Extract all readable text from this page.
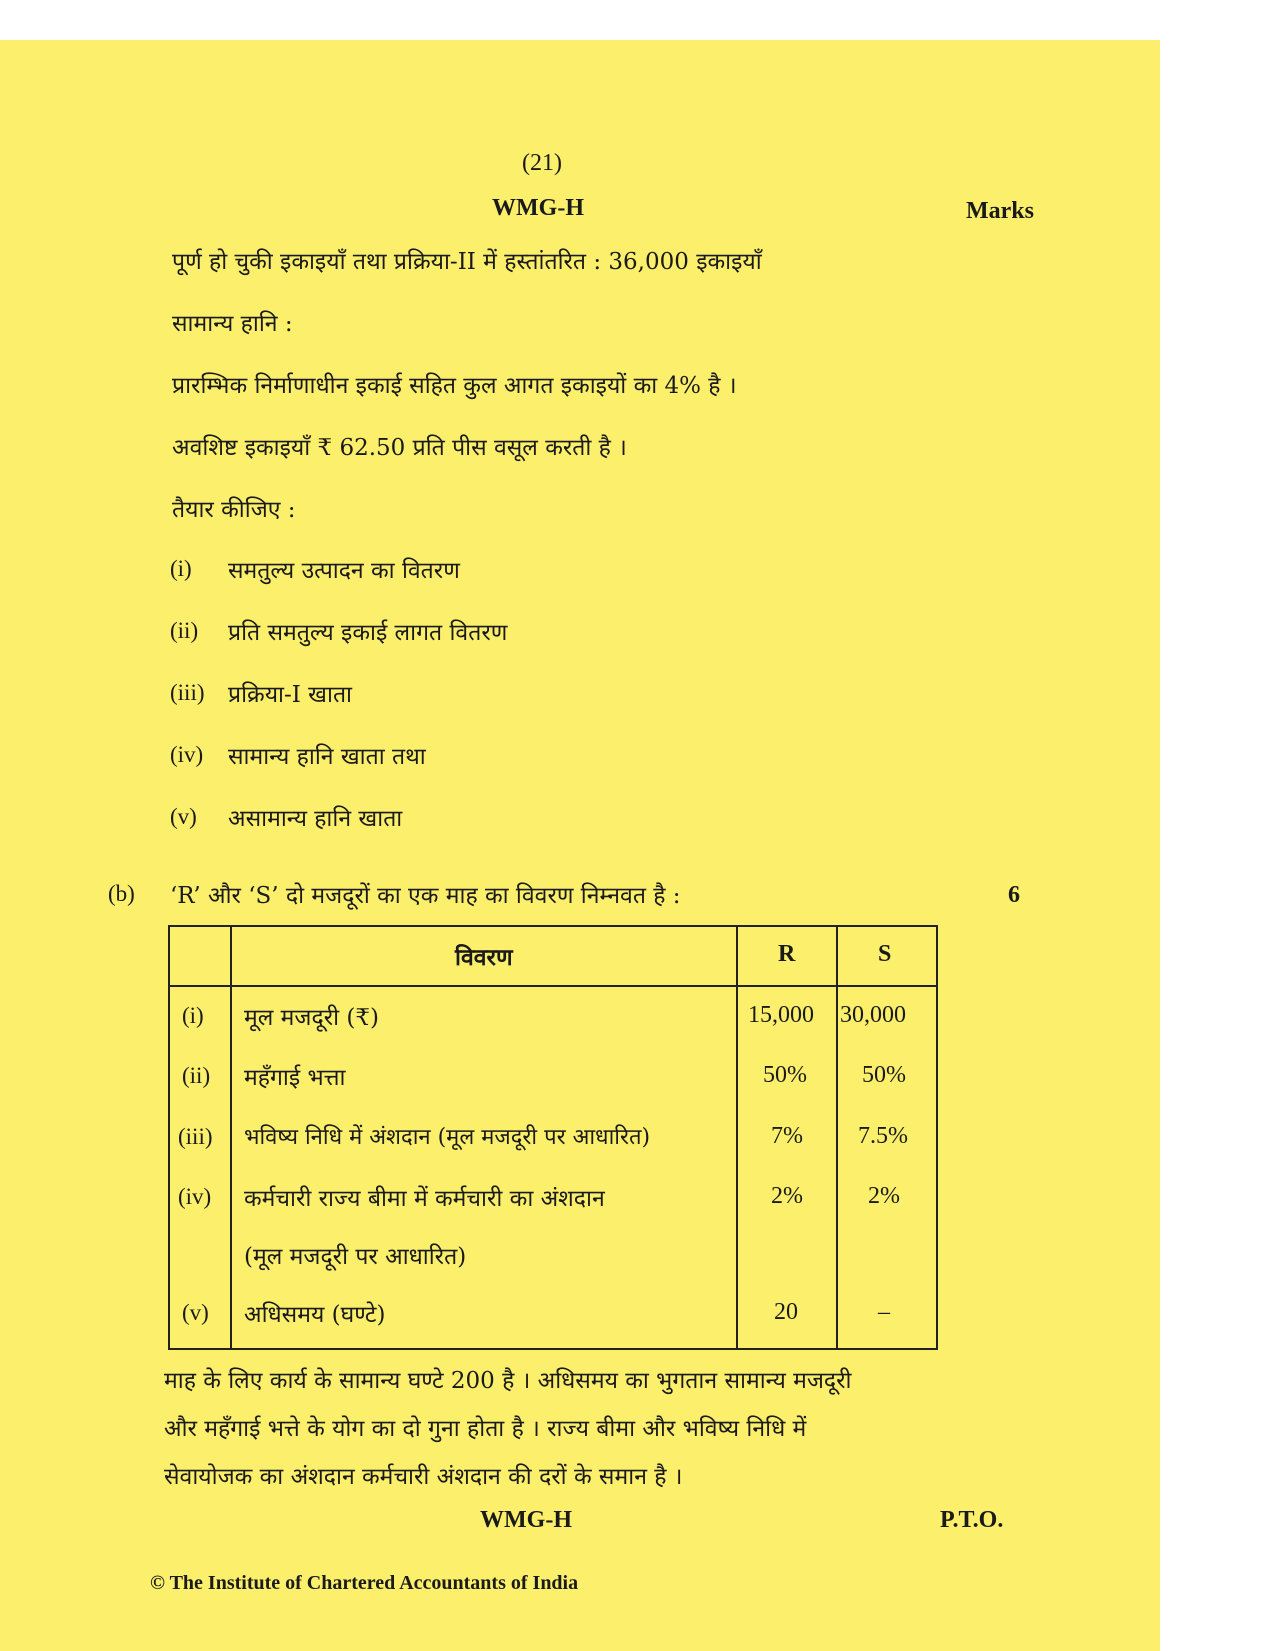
(21)
WMG-H	Marks
पूर्ण हो चुकी इकाइयाँ तथा प्रक्रिया-II में हस्तांतरित : 36,000 इकाइयाँ
सामान्य हानि :
प्रारम्भिक निर्माणाधीन इकाई सहित कुल आगत इकाइयों का 4% है ।
अवशिष्ट इकाइयाँ ₹ 62.50 प्रति पीस वसूल करती है ।
तैयार कीजिए :
(i) समतुल्य उत्पादन का वितरण
(ii) प्रति समतुल्य इकाई लागत वितरण
(iii) प्रक्रिया-I खाता
(iv) सामान्य हानि खाता तथा
(v) असामान्य हानि खाता
(b) ‘R’ और ‘S’ दो मजदूरों का एक माह का विवरण निम्नवत है :	6
विवरण	R	S
(i) मूल मजदूरी (₹)	15,000 30,000
(ii) महँगाई भत्ता	50% 50%
(iii) भविष्य निधि में अंशदान (मूल मजदूरी पर आधारित)	7% 7.5%
(iv) कर्मचारी राज्य बीमा में कर्मचारी का अंशदान
(मूल मजदूरी पर आधारित)
2%	2%
(v) अधिसमय (घण्टे)	20	–
माह के लिए कार्य के सामान्य घण्टे 200 है । अधिसमय का भुगतान सामान्य मजदूरी
और महँगाई भत्ते के योग का दो गुना होता है । राज्य बीमा और भविष्य निधि में
सेवायोजक का अंशदान कर्मचारी अंशदान की दरों के समान है ।
WMG-H	P.T.O.
© The Institute of Chartered Accountants of India
